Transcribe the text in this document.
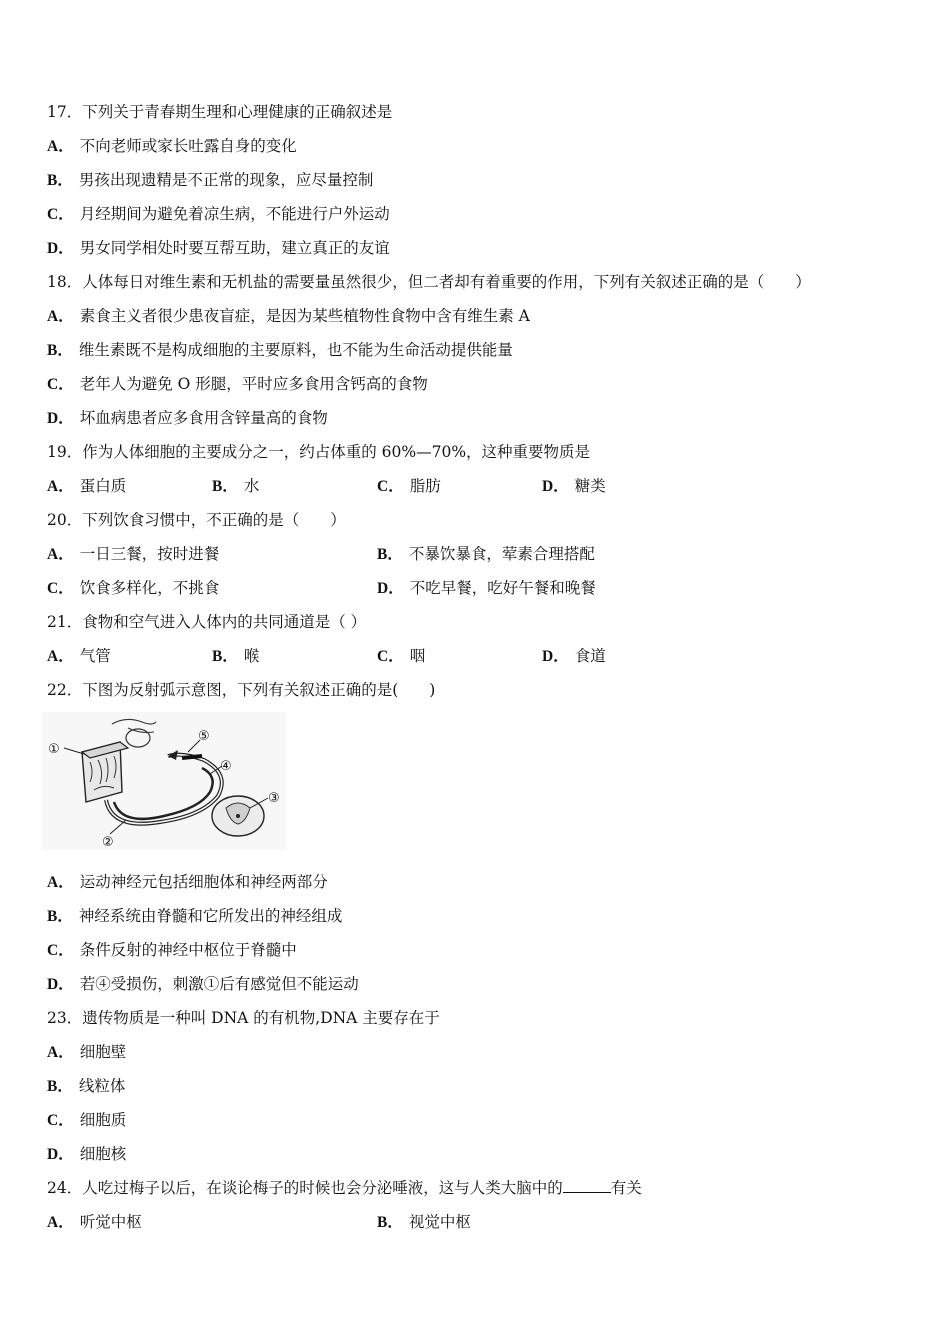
17．下列关于青春期生理和心理健康的正确叙述是
A． 不向老师或家长吐露自身的变化
B． 男孩出现遗精是不正常的现象，应尽量控制
C． 月经期间为避免着凉生病，不能进行户外运动
D． 男女同学相处时要互帮互助，建立真正的友谊
18．人体每日对维生素和无机盐的需要量虽然很少，但二者却有着重要的作用，下列有关叙述正确的是（　　）
A． 素食主义者很少患夜盲症，是因为某些植物性食物中含有维生素 A
B． 维生素既不是构成细胞的主要原料，也不能为生命活动提供能量
C． 老年人为避免 O 形腿，平时应多食用含钙高的食物
D． 坏血病患者应多食用含锌量高的食物
19．作为人体细胞的主要成分之一，约占体重的 60%—70%，这种重要物质是
A． 蛋白质	B． 水	C． 脂肪	D． 糖类
20．下列饮食习惯中，不正确的是（　　）
A． 一日三餐，按时进餐	B． 不暴饮暴食，荤素合理搭配
C． 饮食多样化，不挑食	D． 不吃早餐，吃好午餐和晚餐
21．食物和空气进入人体内的共同通道是（ ）
A． 气管	B． 喉	C． 咽	D． 食道
22．下图为反射弧示意图，下列有关叙述正确的是(　　)
①
②
③
④
⑤
A． 运动神经元包括细胞体和神经两部分
B． 神经系统由脊髓和它所发出的神经组成
C． 条件反射的神经中枢位于脊髓中
D． 若④受损伤，刺激①后有感觉但不能运动
23．遗传物质是一种叫 DNA 的有机物,DNA 主要存在于
A． 细胞壁
B． 线粒体
C． 细胞质
D． 细胞核
24．人吃过梅子以后，在谈论梅子的时候也会分泌唾液，这与人类大脑中的	有关
A． 听觉中枢	B． 视觉中枢
